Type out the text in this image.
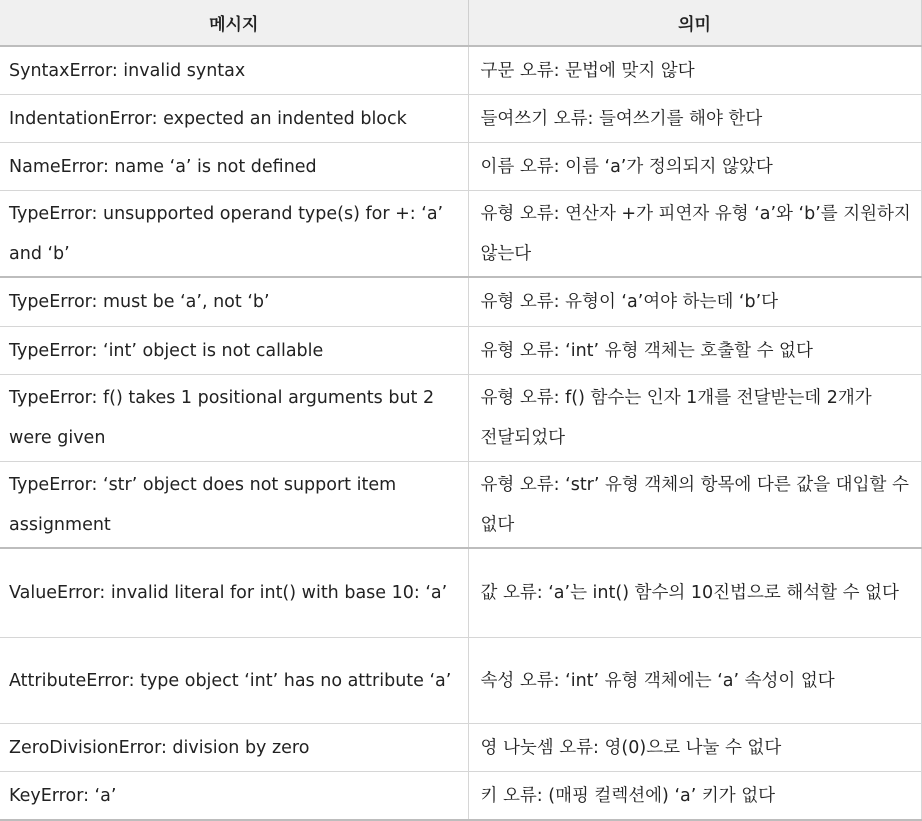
메시지	의미
SyntaxError: invalid syntax	구문 오류: 문법에 맞지 않다
IndentationError: expected an indented block	들여쓰기 오류: 들여쓰기를 해야 한다
NameError: name ‘a’ is not defined	이름 오류: 이름 ‘a’가 정의되지 않았다
TypeError: unsupported operand type(s) for +: ‘a’ and ‘b’	유형 오류: 연산자 +가 피연자 유형 ‘a’와 ‘b’를 지원하지 않는다
TypeError: must be ‘a’, not ‘b’	유형 오류: 유형이 ‘a’여야 하는데 ‘b’다
TypeError: ‘int’ object is not callable	유형 오류: ‘int’ 유형 객체는 호출할 수 없다
TypeError: f() takes 1 positional arguments but 2 were given	유형 오류: f() 함수는 인자 1개를 전달받는데 2개가 전달되었다
TypeError: ‘str’ object does not support item assignment	유형 오류: ‘str’ 유형 객체의 항목에 다른 값을 대입할 수 없다
ValueError: invalid literal for int() with base 10: ‘a’	값 오류: ‘a’는 int() 함수의 10진법으로 해석할 수 없다
AttributeError: type object ‘int’ has no attribute ‘a’	속성 오류: ‘int’ 유형 객체에는 ‘a’ 속성이 없다
ZeroDivisionError: division by zero	영 나눗셈 오류: 영(0)으로 나눌 수 없다
KeyError: ‘a’	키 오류: (매핑 컬렉션에) ‘a’ 키가 없다
